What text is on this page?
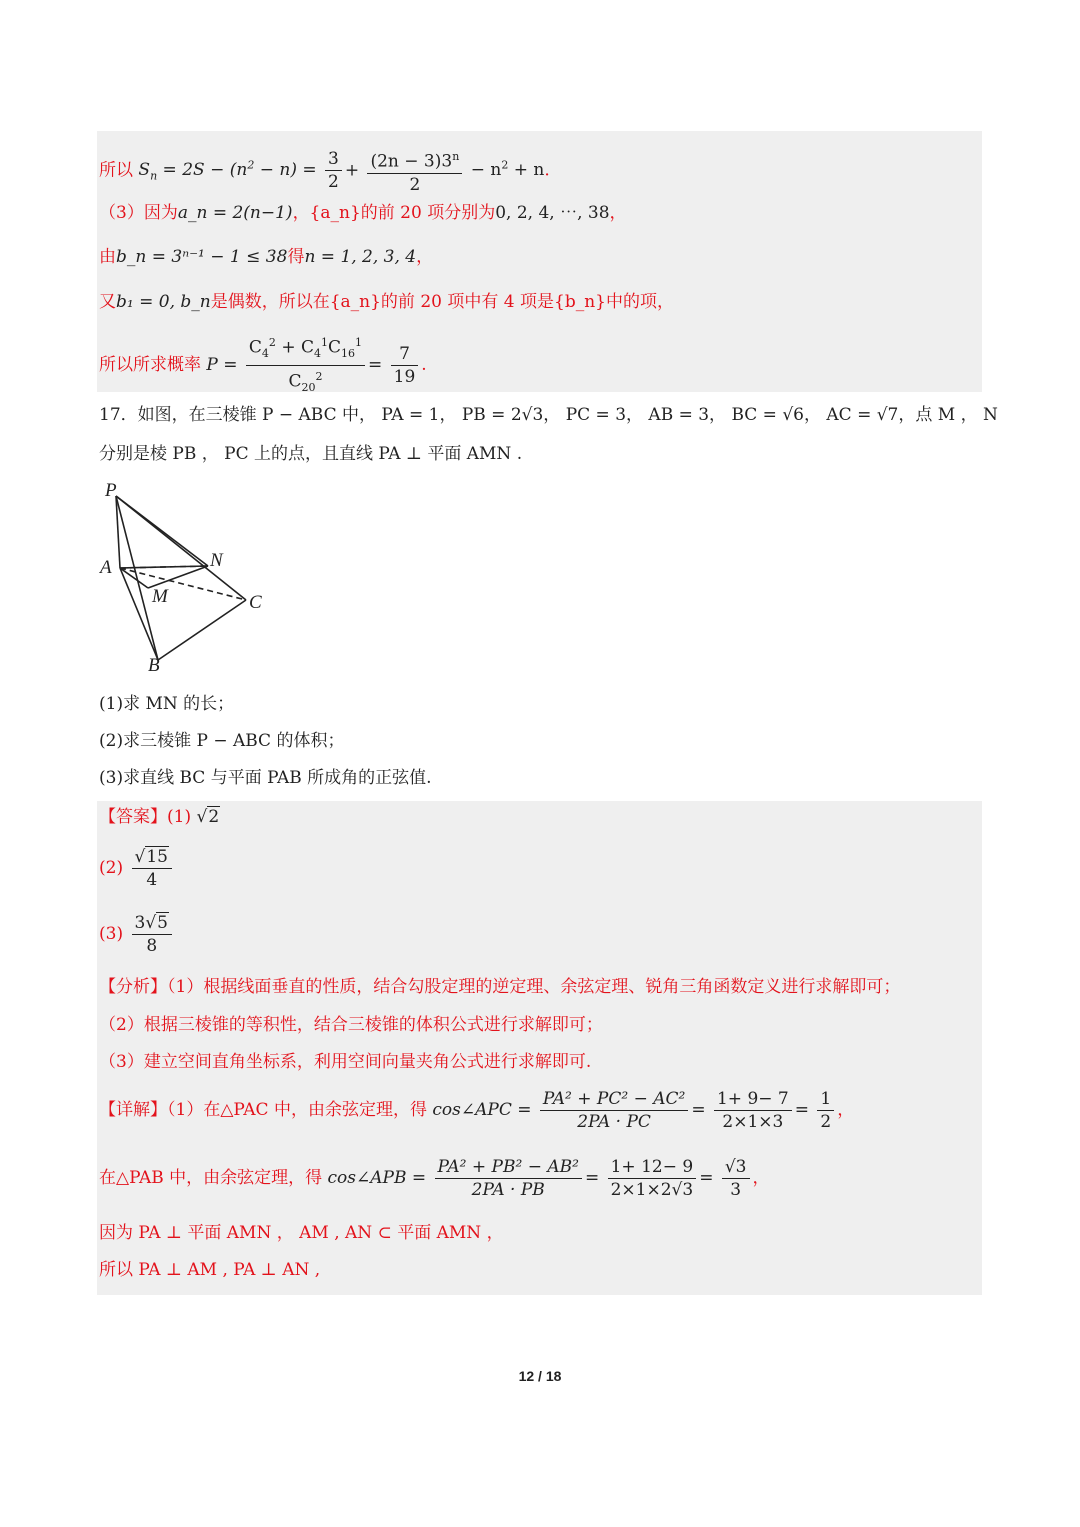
所以 $S_n = 2S - (n^2 - n) = \frac{3}{2} + \frac{(2n - 3)3^n}{2} - n^2 + n$.
（3）因为a_n = 2(n−1)，{a_n}的前 20 项分别为0, 2, 4, ⋯, 38，
由b_n = 3ⁿ⁻¹ − 1 ≤ 38得n = 1, 2, 3, 4，
又b₁ = 0, b_n是偶数，所以在{a_n}的前 20 项中有 4 项是{b_n}中的项，
所以所求概率 $P = \frac{C_4^2 + C_4^1C_{16}^1}{C_{20}^2} = \frac{7}{19}$ .
17．如图，在三棱锥 P − ABC 中， PA = 1， PB = 2√3， PC = 3， AB = 3， BC = √6， AC = √7，点 M ， N
分别是棱 PB ， PC 上的点，且直线 PA ⊥ 平面 AMN .
P
A	N
M	C
B
(1)求 MN 的长；
(2)求三棱锥 P − ABC 的体积；
(3)求直线 BC 与平面 PAB 所成角的正弦值.
【答案】(1) √2
$(2) \frac{√15}{4}$
$(3) \frac{3√5}{8}$
【分析】（1）根据线面垂直的性质，结合勾股定理的逆定理、余弦定理、锐角三角函数定义进行求解即可；
（2）根据三棱锥的等积性，结合三棱锥的体积公式进行求解即可；
（3）建立空间直角坐标系，利用空间向量夹角公式进行求解即可.
【详解】（1）在△PAC 中，由余弦定理，得 cos∠APC = $\frac{\text{PA² + PC² − AC²}}{2PA \cdot PC} = \frac{1+ 9- 7}{2\times 1\times 3} = \frac{1}{2}$ ，
在△PAB 中，由余弦定理，得 cos∠APB = $\frac{\text{PA² + PB² − AB²}}{2PA \cdot PB} = \frac{1+ 12- 9}{2\times 1\times 2√3} = \frac{√3}{3}$ ，
因为 PA ⊥ 平面 AMN ， AM , AN ⊂ 平面 AMN ，
所以 PA ⊥ AM , PA ⊥ AN ,
12 / 18
